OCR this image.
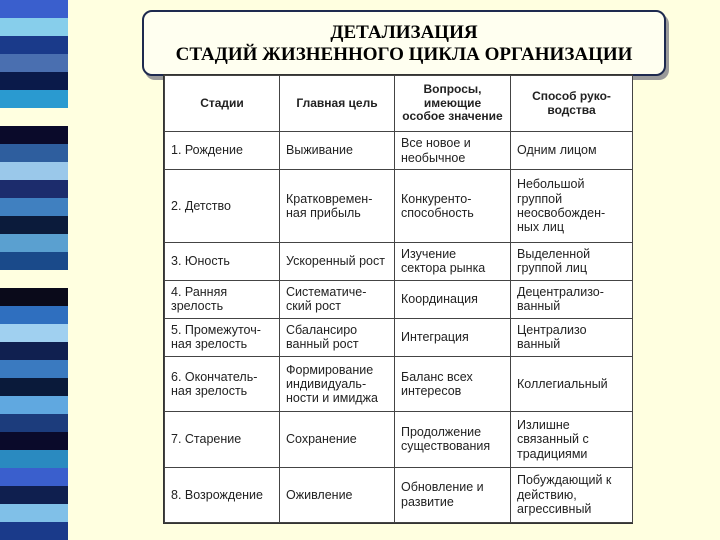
ДЕТАЛИЗАЦИЯ
СТАДИЙ ЖИЗНЕННОГО ЦИКЛА ОРГАНИЗАЦИИ
Стадии	Главная цель	Вопросы, имеющие особое значение	Способ руко- водства
1. Рождение	Выживание	Все новое и необычное	Одним лицом
2. Детство	Кратковремен- ная прибыль	Конкуренто- способность	Небольшой группой неосвобожден- ных лиц
3. Юность	Ускоренный рост	Изучение сектора рынка	Выделенной группой лиц
4. Ранняя зрелость	Систематиче- ский рост	Координация	Децентрализо- ванный
5. Промежуточ- ная зрелость	Сбалансиро ванный рост	Интеграция	Централизо ванный
6. Окончатель- ная зрелость	Формирование индивидуаль- ности и имиджа	Баланс всех интересов	Коллегиальный
7. Старение	Сохранение	Продолжение существования	Излишне связанный с традициями
8. Возрождение	Оживление	Обновление и развитие	Побуждающий к действию, агрессивный
